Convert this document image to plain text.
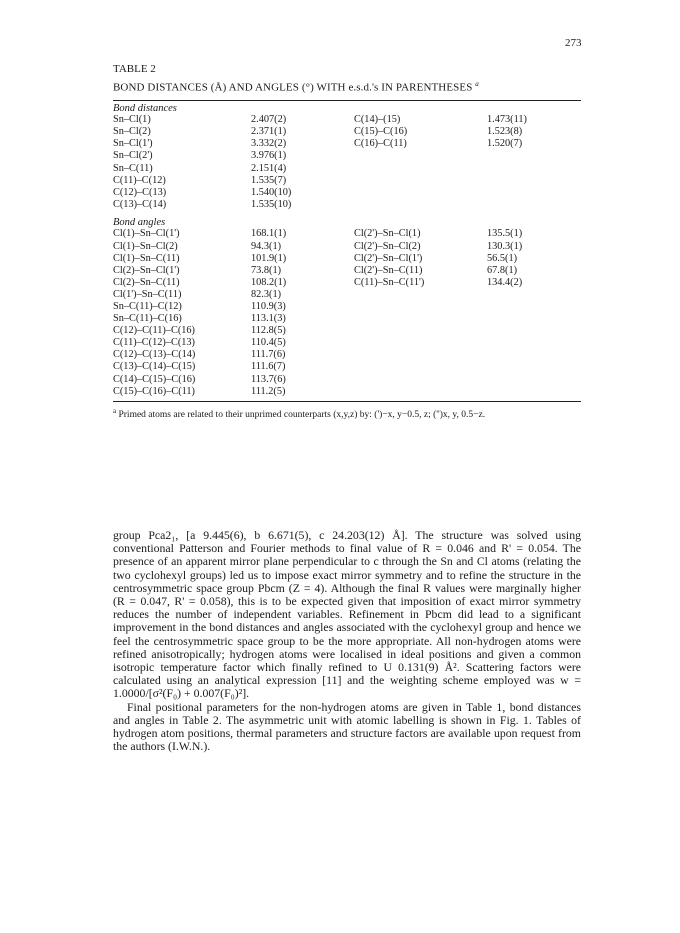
273

TABLE 2

BOND DISTANCES (Å) AND ANGLES (°) WITH e.s.d.'s IN PARENTHESES $^a$

Bond distances
Sn–Cl(1)	2.407(2)	C(14)–(15)	1.473(11)
Sn–Cl(2)	2.371(1)	C(15)–C(16)	1.523(8)
Sn–Cl(1')	3.332(2)	C(16)–C(11)	1.520(7)
Sn–Cl(2')	3.976(1)
Sn–C(11)	2.151(4)
C(11)–C(12)	1.535(7)
C(12)–C(13)	1.540(10)
C(13)–C(14)	1.535(10)
Bond angles
Cl(1)–Sn–Cl(1')	168.1(1)	Cl(2')–Sn–Cl(1)	135.5(1)
Cl(1)–Sn–Cl(2)	94.3(1)	Cl(2')–Sn–Cl(2)	130.3(1)
Cl(1)–Sn–C(11)	101.9(1)	Cl(2')–Sn–Cl(1')	56.5(1)
Cl(2)–Sn–Cl(1')	73.8(1)	Cl(2')–Sn–C(11)	67.8(1)
Cl(2)–Sn–C(11)	108.2(1)	C(11)–Sn–C(11')	134.4(2)
Cl(1')–Sn–C(11)	82.3(1)
Sn–C(11)–C(12)	110.9(3)
Sn–C(11)–C(16)	113.1(3)
C(12)–C(11)–C(16)	112.8(5)
C(11)–C(12)–C(13)	110.4(5)
C(12)–C(13)–C(14)	111.7(6)
C(13)–C(14)–C(15)	111.6(7)
C(14)–C(15)–C(16)	113.7(6)
C(15)–C(16)–C(11)	111.2(5)
$^a$ Primed atoms are related to their unprimed counterparts (x,y,z) by: (')−x, y−0.5, z; ('')x, y, 0.5−z.

group Pca2₁, [a 9.445(6), b 6.671(5), c 24.203(12) Å]. The structure was solved using conventional Patterson and Fourier methods to final value of R = 0.046 and R' = 0.054. The presence of an apparent mirror plane perpendicular to c through the Sn and Cl atoms (relating the two cyclohexyl groups) led us to impose exact mirror symmetry and to refine the structure in the centrosymmetric space group Pbcm (Z = 4). Although the final R values were marginally higher (R = 0.047, R' = 0.058), this is to be expected given that imposition of exact mirror symmetry reduces the number of independent variables. Refinement in Pbcm did lead to a significant improvement in the bond distances and angles associated with the cyclohexyl group and hence we feel the centrosymmetric space group to be the more appropriate. All non-hydrogen atoms were refined anisotropically; hydrogen atoms were localised in ideal positions and given a common isotropic temperature factor which finally refined to U 0.131(9) Å². Scattering factors were calculated using an analytical expression [11] and the weighting scheme employed was w = 1.0000/[σ²(F₀) + 0.007(F₀)²].

Final positional parameters for the non-hydrogen atoms are given in Table 1, bond distances and angles in Table 2. The asymmetric unit with atomic labelling is shown in Fig. 1. Tables of hydrogen atom positions, thermal parameters and structure factors are available upon request from the authors (I.W.N.).
